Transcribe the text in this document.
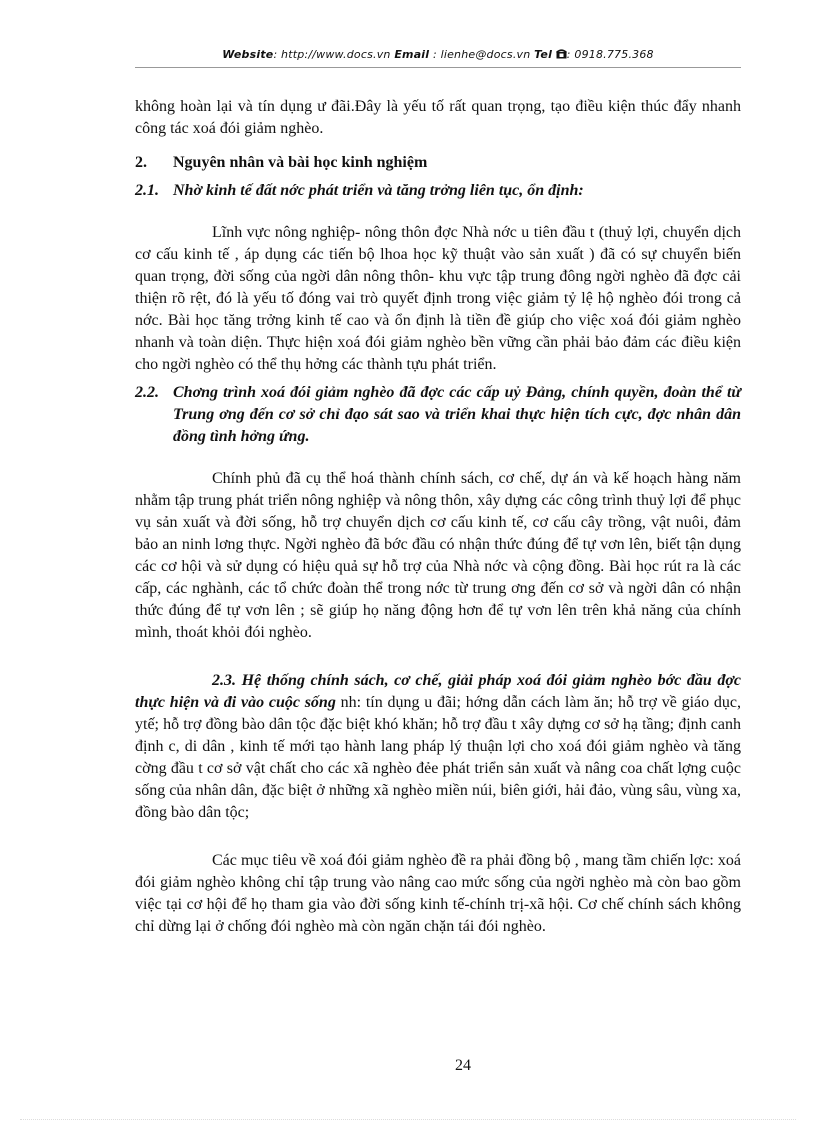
Website: http://www.docs.vn Email : lienhe@docs.vn Tel : 0918.775.368

không hoàn lại và tín dụng ư đãi.Đây là yếu tố rất quan trọng, tạo điều kiện thúc đẩy nhanh công tác xoá đói giảm nghèo.

2.	Nguyên nhân và bài học kinh nghiệm
2.1. Nhờ kinh tế đất nớc phát triển và tăng trởng liên tục, ổn định:

Lĩnh vực nông nghiệp- nông thôn đợc Nhà nớc u tiên đầu t (thuỷ lợi, chuyển dịch cơ cấu kinh tế , áp dụng các tiến bộ lhoa học kỹ thuật vào sản xuất ) đã có sự chuyển biến quan trọng, đời sống của ngời dân nông thôn- khu vực tập trung đông ngời nghèo đã đợc cải thiện rõ rệt, đó là yếu tố đóng vai trò quyết định trong việc giảm tỷ lệ hộ nghèo đói trong cả nớc. Bài học tăng trởng kinh tế cao và ổn định là tiền đề giúp cho việc xoá đói giảm nghèo nhanh và toàn diện. Thực hiện xoá đói giảm nghèo bền vững cần phải bảo đảm các điều kiện cho ngời nghèo có thể thụ hởng các thành tựu phát triển.

2.2. Chơng trình xoá đói giảm nghèo đã đợc các cấp uỷ Đảng, chính quyền, đoàn thể từ Trung ơng đến cơ sở chỉ đạo sát sao và triển khai thực hiện tích cực, đợc nhân dân đồng tình hởng ứng.

Chính phủ đã cụ thể hoá thành chính sách, cơ chế, dự án và kế hoạch hàng năm nhằm tập trung phát triển nông nghiệp và nông thôn, xây dựng các công trình thuỷ lợi để phục vụ sản xuất và đời sống, hỗ trợ chuyển dịch cơ cấu kinh tế, cơ cấu cây trồng, vật nuôi, đảm bảo an ninh lơng thực. Ngời nghèo đã bớc đầu có nhận thức đúng để tự vơn lên, biết tận dụng các cơ hội và sử dụng có hiệu quả sự hỗ trợ của Nhà nớc và cộng đồng. Bài học rút ra là các cấp, các nghành, các tổ chức đoàn thể trong nớc từ trung ơng đến cơ sở và ngời dân có nhận thức đúng để tự vơn lên ; sẽ giúp họ năng động hơn để tự vơn lên trên khả năng của chính mình, thoát khỏi đói nghèo.

2.3. Hệ thống chính sách, cơ chế, giải pháp xoá đói giảm nghèo bớc đầu đợc thực hiện và đi vào cuộc sống nh: tín dụng u đãi; hớng dẫn cách làm ăn; hỗ trợ về giáo dục, ytế; hỗ trợ đồng bào dân tộc đặc biệt khó khăn; hỗ trợ đầu t xây dựng cơ sở hạ tầng; định canh định c, di dân , kinh tế mới tạo hành lang pháp lý thuận lợi cho xoá đói giảm nghèo và tăng cờng đầu t cơ sở vật chất cho các xã nghèo đẻe phát triển sản xuất và nâng coa chất lợng cuộc sống của nhân dân, đặc biệt ở những xã nghèo miền núi, biên giới, hải đảo, vùng sâu, vùng xa, đồng bào dân tộc;

Các mục tiêu về xoá đói giảm nghèo đề ra phải đồng bộ , mang tầm chiến lợc: xoá đói giảm nghèo không chỉ tập trung vào nâng cao mức sống của ngời nghèo mà còn bao gồm việc tại cơ hội để họ tham gia vào đời sống kinh tế-chính trị-xã hội. Cơ chế chính sách không chỉ dừng lại ở chống đói nghèo mà còn ngăn chặn tái đói nghèo.

24
